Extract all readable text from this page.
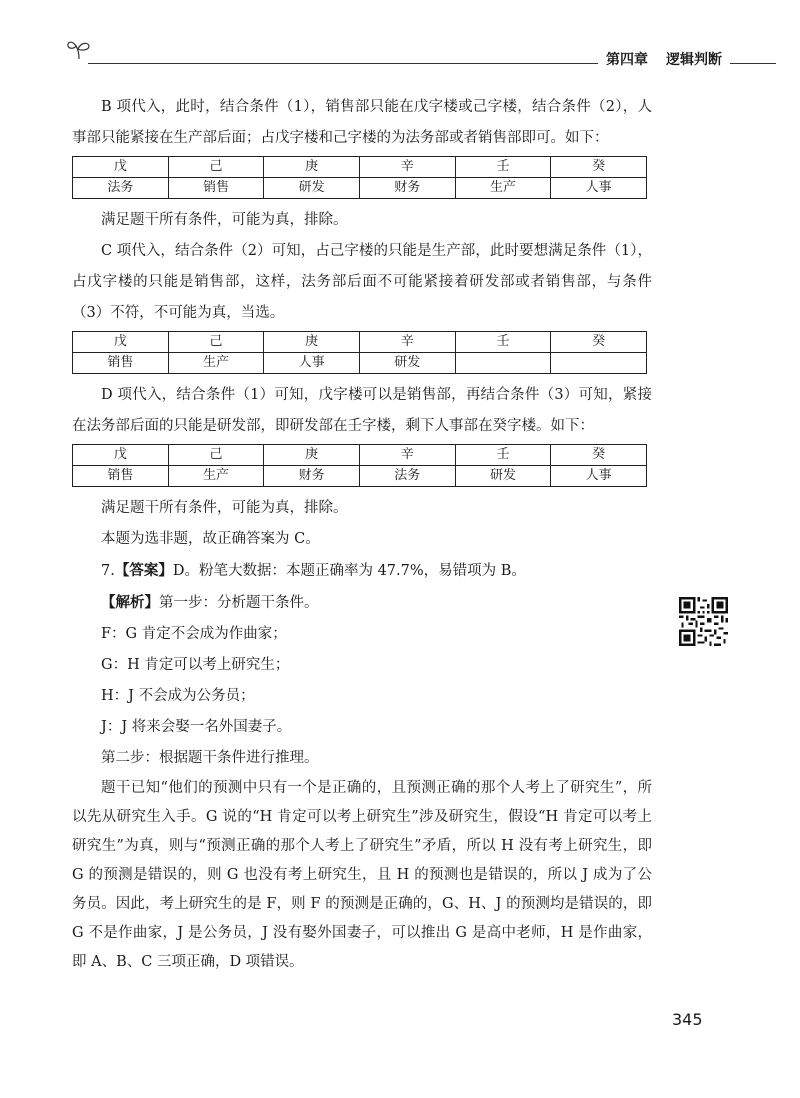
第四章 逻辑判断

B 项代入，此时，结合条件（1），销售部只能在戊字楼或己字楼，结合条件（2），人事部只能紧接在生产部后面；占戊字楼和己字楼的为法务部或者销售部即可。如下：

戊	己	庚	辛	壬	癸
法务	销售	研发	财务	生产	人事

满足题干所有条件，可能为真，排除。

C 项代入，结合条件（2）可知，占己字楼的只能是生产部，此时要想满足条件（1），占戊字楼的只能是销售部，这样，法务部后面不可能紧接着研发部或者销售部，与条件（3）不符，不可能为真，当选。

戊	己	庚	辛	壬	癸
销售	生产	人事	研发		

D 项代入，结合条件（1）可知，戊字楼可以是销售部，再结合条件（3）可知，紧接在法务部后面的只能是研发部，即研发部在壬字楼，剩下人事部在癸字楼。如下：

戊	己	庚	辛	壬	癸
销售	生产	财务	法务	研发	人事

满足题干所有条件，可能为真，排除。

本题为选非题，故正确答案为 C。

7.【答案】D。粉笔大数据：本题正确率为 47.7%，易错项为 B。

【解析】第一步：分析题干条件。

F：G 肯定不会成为作曲家；

G：H 肯定可以考上研究生；

H：J 不会成为公务员；

J：J 将来会娶一名外国妻子。

第二步：根据题干条件进行推理。

题干已知“他们的预测中只有一个是正确的，且预测正确的那个人考上了研究生”，所以先从研究生入手。G 说的“H 肯定可以考上研究生”涉及研究生，假设“H 肯定可以考上研究生”为真，则与“预测正确的那个人考上了研究生”矛盾，所以 H 没有考上研究生，即 G 的预测是错误的，则 G 也没有考上研究生，且 H 的预测也是错误的，所以 J 成为了公务员。因此，考上研究生的是 F，则 F 的预测是正确的，G、H、J 的预测均是错误的，即 G 不是作曲家，J 是公务员，J 没有娶外国妻子，可以推出 G 是高中老师，H 是作曲家，即 A、B、C 三项正确，D 项错误。

345
